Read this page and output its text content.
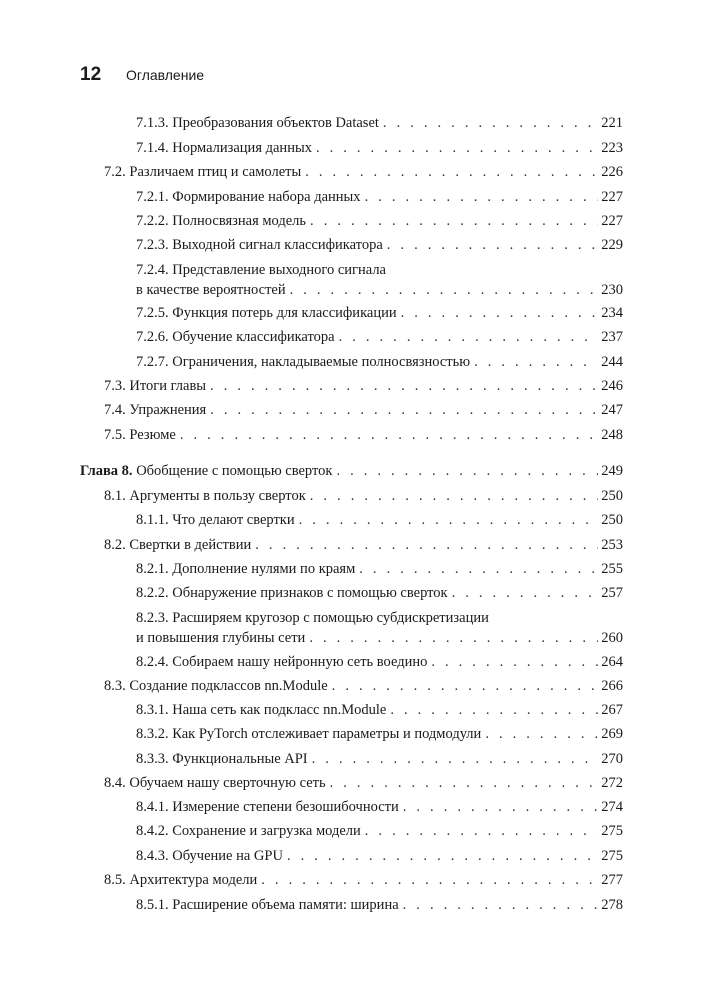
12	Оглавление
7.1.3. Преобразования объектов Dataset . . .	221
7.1.4. Нормализация данных . . .	223
7.2. Различаем птиц и самолеты . . .	226
7.2.1. Формирование набора данных . . .	227
7.2.2. Полносвязная модель . . .	227
7.2.3. Выходной сигнал классификатора . . .	229
7.2.4. Представление выходного сигнала
в качестве вероятностей . . .	230
7.2.5. Функция потерь для классификации . . .	234
7.2.6. Обучение классификатора . . .	237
7.2.7. Ограничения, накладываемые полносвязностью . . .	244
7.3. Итоги главы . . .	246
7.4. Упражнения . . .	247
7.5. Резюме . . .	248
Глава 8. Обобщение с помощью сверток . . .	249
8.1. Аргументы в пользу сверток . . .	250
8.1.1. Что делают свертки . . .	250
8.2. Свертки в действии . . .	253
8.2.1. Дополнение нулями по краям . . .	255
8.2.2. Обнаружение признаков с помощью сверток . . .	257
8.2.3. Расширяем кругозор с помощью субдискретизации
и повышения глубины сети . . .	260
8.2.4. Собираем нашу нейронную сеть воедино . . .	264
8.3. Создание подклассов nn.Module . . .	266
8.3.1. Наша сеть как подкласс nn.Module . . .	267
8.3.2. Как PyTorch отслеживает параметры и подмодули . . .	269
8.3.3. Функциональные API . . .	270
8.4. Обучаем нашу сверточную сеть . . .	272
8.4.1. Измерение степени безошибочности . . .	274
8.4.2. Сохранение и загрузка модели . . .	275
8.4.3. Обучение на GPU . . .	275
8.5. Архитектура модели . . .	277
8.5.1. Расширение объема памяти: ширина . . .	278
